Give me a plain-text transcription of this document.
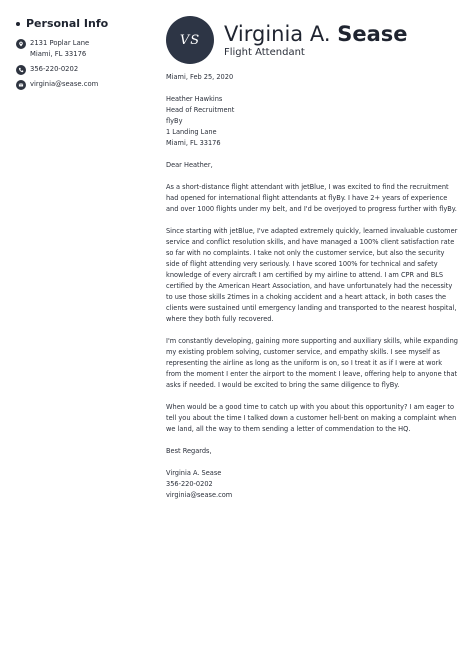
Personal Info
2131 Poplar Lane
Miami, FL 33176
356-220-0202
virginia@sease.com
VS	Virginia A. Sease
Flight Attendant

Miami, Feb 25, 2020

Heather Hawkins
Head of Recruitment
flyBy
1 Landing Lane
Miami, FL 33176

Dear Heather,

As a short-distance flight attendant with jetBlue, I was excited to find the recruitment had opened for international flight attendants at flyBy. I have 2+ years of experience and over 1000 flights under my belt, and I'd be overjoyed to progress further with flyBy.

Since starting with jetBlue, I've adapted extremely quickly, learned invaluable customer service and conflict resolution skills, and have managed a 100% client satisfaction rate so far with no complaints. I take not only the customer service, but also the security side of flight attending very seriously. I have scored 100% for technical and safety knowledge of every aircraft I am certified by my airline to attend. I am CPR and BLS certified by the American Heart Association, and have unfortunately had the necessity to use those skills 2times in a choking accident and a heart attack, in both cases the clients were sustained until emergency landing and transported to the nearest hospital, where they both fully recovered.

I'm constantly developing, gaining more supporting and auxiliary skills, while expanding my existing problem solving, customer service, and empathy skills. I see myself as representing the airline as long as the uniform is on, so I treat it as if I were at work from the moment I enter the airport to the moment I leave, offering help to anyone that asks if needed. I would be excited to bring the same diligence to flyBy.

When would be a good time to catch up with you about this opportunity? I am eager to tell you about the time I talked down a customer hell-bent on making a complaint when we land, all the way to them sending a letter of commendation to the HQ.

Best Regards,

Virginia A. Sease
356-220-0202
virginia@sease.com
